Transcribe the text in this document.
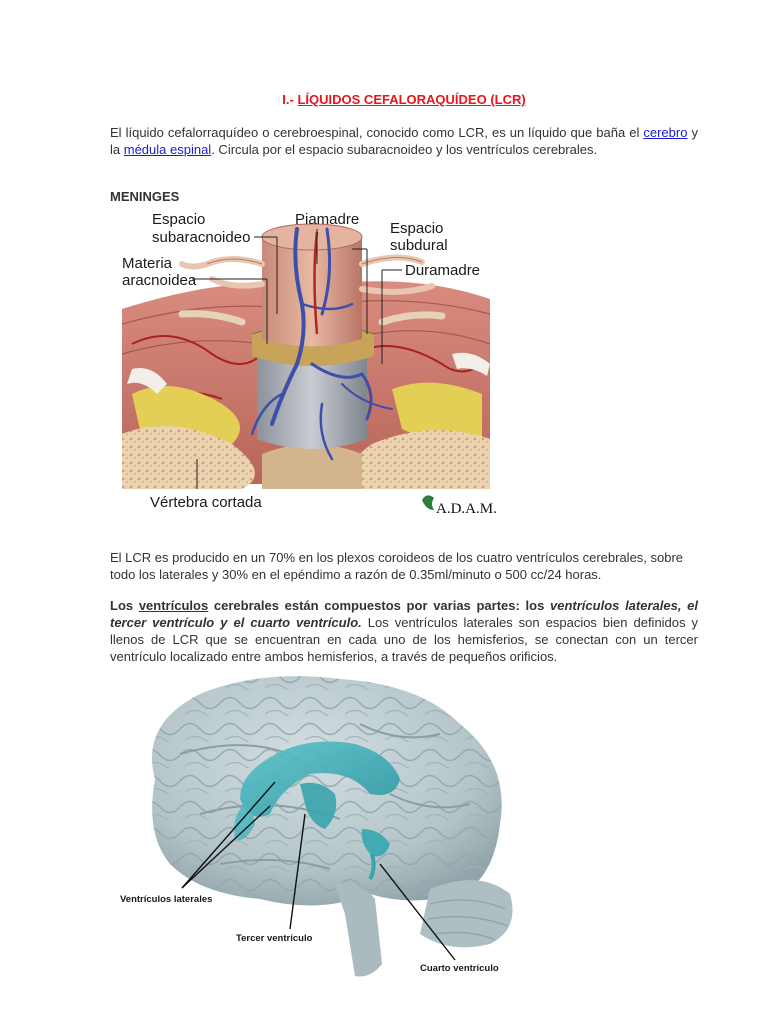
I.- LÍQUIDOS CEFALORAQUÍDEO (LCR)
El líquido cefalorraquídeo o cerebroespinal, conocido como LCR, es un líquido que baña el cerebro y la médula espinal. Circula por el espacio subaracnoideo y los ventrículos cerebrales.
MENINGES
Espacio
subaracnoideo
Piamadre
Espacio
subdural
Materia
aracnoidea
Duramadre
Vértebra cortada	A.D.A.M.
El LCR es producido en un 70% en los plexos coroideos de los cuatro ventrículos cerebrales, sobre todo los laterales y 30% en el epéndimo a razón de 0.35ml/minuto o 500 cc/24 horas.
Los ventrículos cerebrales están compuestos por varias partes: los ventrículos laterales, el tercer ventrículo y el cuarto ventrículo. Los ventrículos laterales son espacios bien definidos y llenos de LCR que se encuentran en cada uno de los hemisferios, se conectan con un tercer ventrículo localizado entre ambos hemisferios, a través de pequeños orificios.
Ventrículos laterales
Tercer ventrículo
Cuarto ventrículo
